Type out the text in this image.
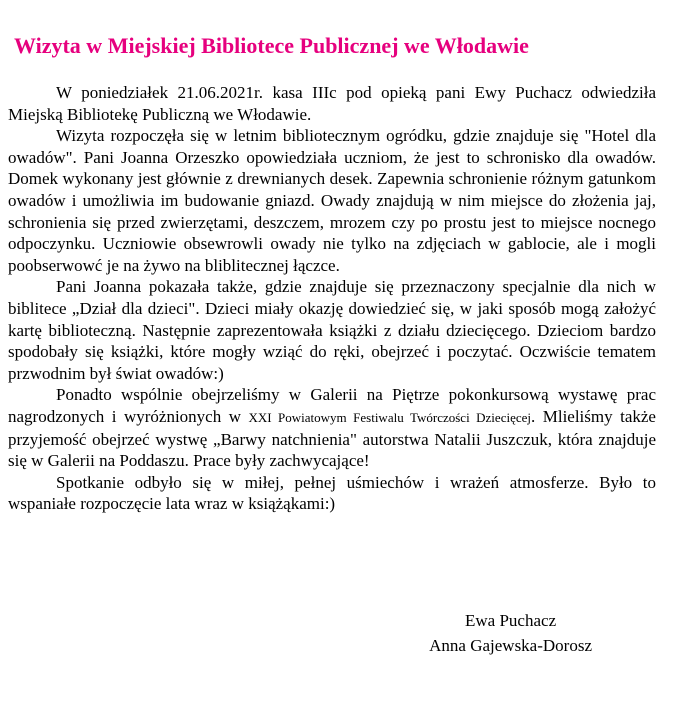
Wizyta w Miejskiej Bibliotece Publicznej we Włodawie

W poniedziałek 21.06.2021r. kasa IIIc pod opieką pani Ewy Puchacz odwiedziła Miejską Bibliotekę Publiczną we Włodawie.

Wizyta rozpoczęła się w letnim bibliotecznym ogródku, gdzie znajduje się "Hotel dla owadów". Pani Joanna Orzeszko opowiedziała uczniom, że jest to schronisko dla owadów. Domek wykonany jest głównie z drewnianych desek. Zapewnia schronienie różnym gatunkom owadów i umożliwia im budowanie gniazd. Owady znajdują w nim miejsce do złożenia jaj, schronienia się przed zwierzętami, deszczem, mrozem czy po prostu jest to miejsce nocnego odpoczynku. Uczniowie obsewrowli owady nie tylko na zdjęciach w gablocie, ale i mogli poobserwowć je na żywo na bliblitecznej łączce.

Pani Joanna pokazała także, gdzie znajduje się przeznaczony specjalnie dla nich w biblitece „Dział dla dzieci". Dzieci miały okazję dowiedzieć się, w jaki sposób mogą założyć kartę biblioteczną. Następnie zaprezentowała książki z działu dziecięcego. Dzieciom bardzo spodobały się książki, które mogły wziąć do ręki, obejrzeć i poczytać. Oczwiście tematem przwodnim był świat owadów:)

Ponadto wspólnie obejrzeliśmy w Galerii na Piętrze pokonkursową wystawę prac nagrodzonych i wyróżnionych w XXI Powiatowym Festiwalu Twórczości Dziecięcej. Mlieliśmy także przyjemość obejrzeć wystwę „Barwy natchnienia" autorstwa Natalii Juszczuk, która znajduje się w Galerii na Poddaszu. Prace były zachwycające!

Spotkanie odbyło się w miłej, pełnej uśmiechów i wrażeń atmosferze. Było to wspaniałe rozpoczęcie lata wraz w książąkami:)

Ewa Puchacz
Anna Gajewska-Dorosz
